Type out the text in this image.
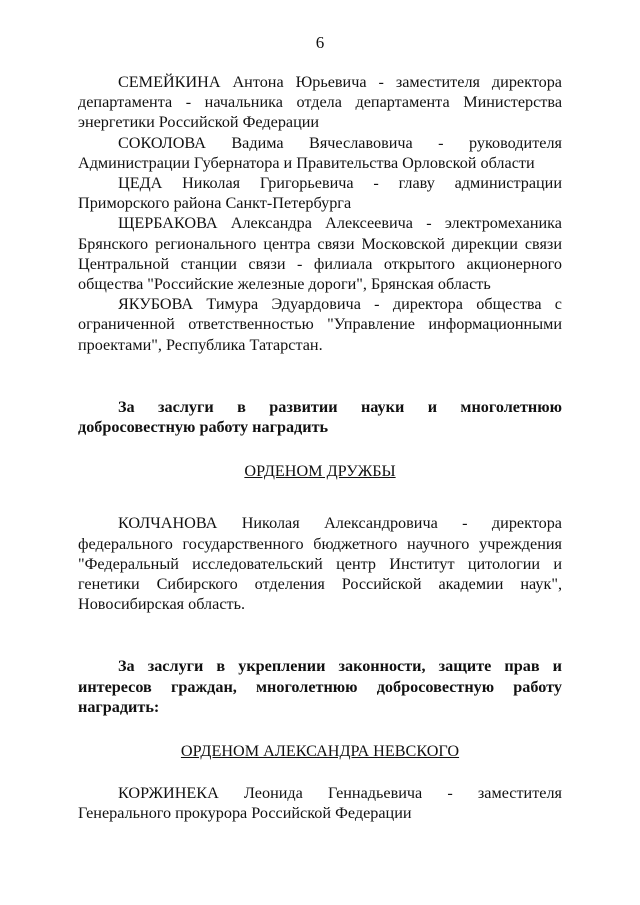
6

СЕМЕЙКИНА Антона Юрьевича - заместителя директора департамента - начальника отдела департамента Министерства энергетики Российской Федерации

СОКОЛОВА Вадима Вячеславовича - руководителя Администрации Губернатора и Правительства Орловской области

ЦЕДА Николая Григорьевича - главу администрации Приморского района Санкт-Петербурга

ЩЕРБАКОВА Александра Алексеевича - электромеханика Брянского регионального центра связи Московской дирекции связи Центральной станции связи - филиала открытого акционерного общества "Российские железные дороги", Брянская область

ЯКУБОВА Тимура Эдуардовича - директора общества с ограниченной ответственностью "Управление информационными проектами", Республика Татарстан.

За заслуги в развитии науки и многолетнюю добросовестную работу наградить

ОРДЕНОМ ДРУЖБЫ

КОЛЧАНОВА Николая Александровича - директора федерального государственного бюджетного научного учреждения "Федеральный исследовательский центр Институт цитологии и генетики Сибирского отделения Российской академии наук", Новосибирская область.

За заслуги в укреплении законности, защите прав и интересов граждан, многолетнюю добросовестную работу наградить:

ОРДЕНОМ АЛЕКСАНДРА НЕВСКОГО

КОРЖИНЕКА Леонида Геннадьевича - заместителя Генерального прокурора Российской Федерации
